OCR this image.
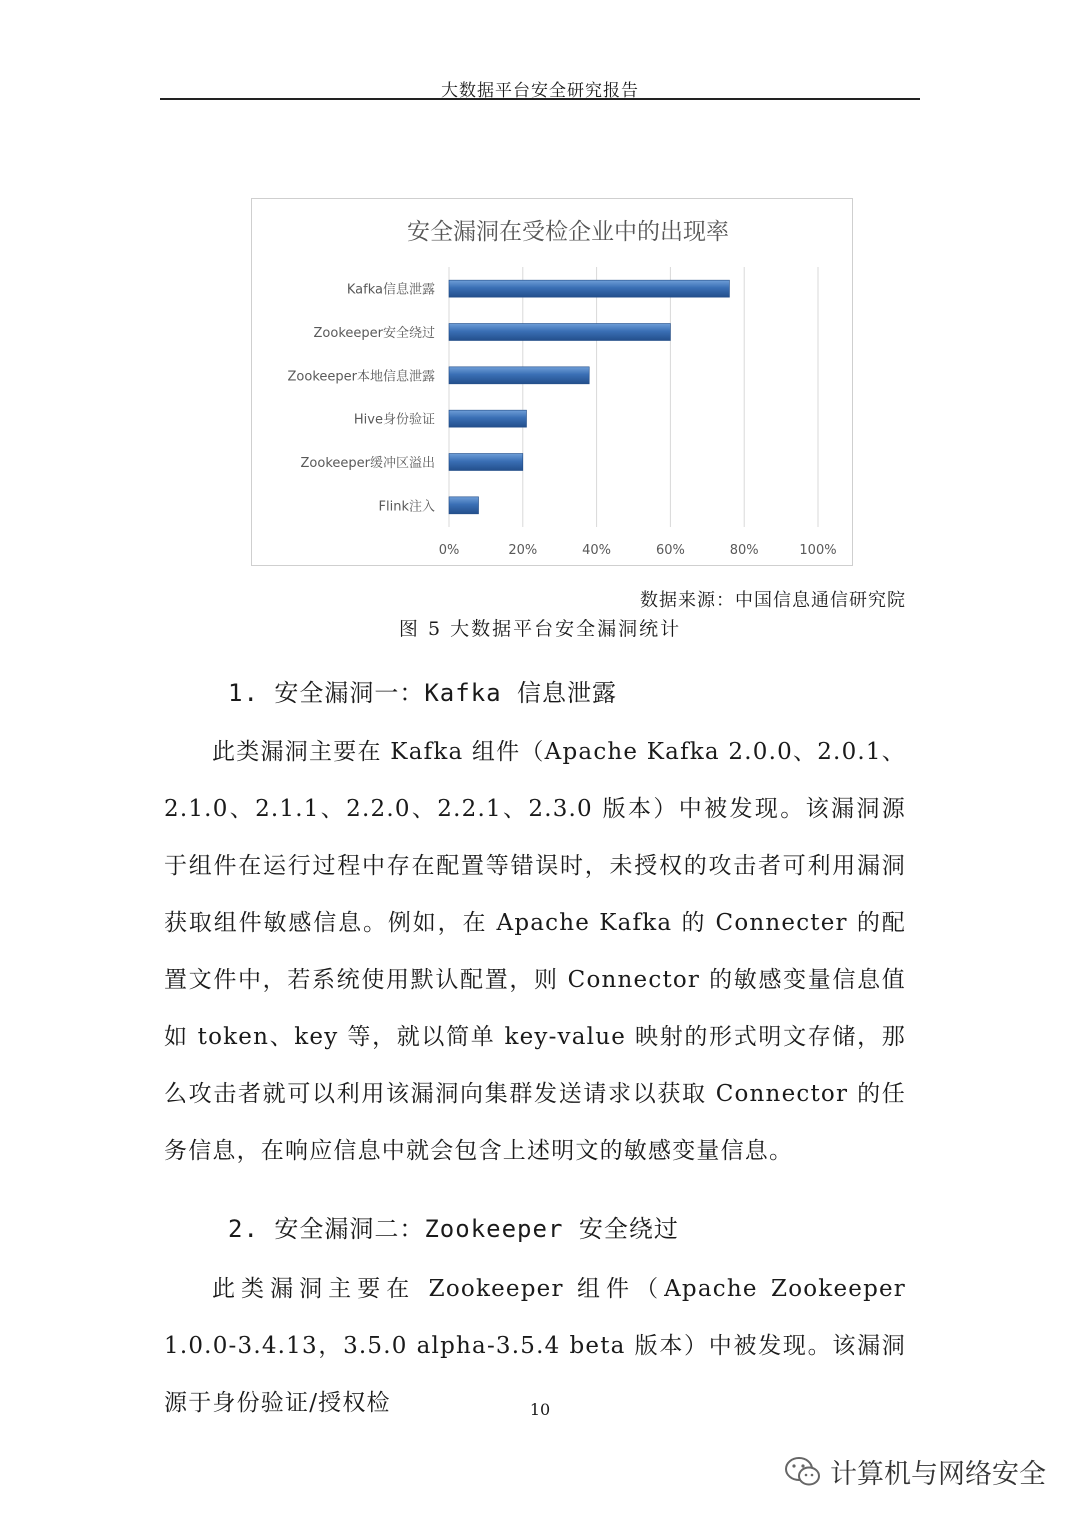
大数据平台安全研究报告
安全漏洞在受检企业中的出现率
Kafka信息泄露
Zookeeper安全绕过
Zookeeper本地信息泄露
Hive身份验证
Zookeeper缓冲区溢出
Flink注入
0%	20%	40%	60%	80%	100%
数据来源：中国信息通信研究院
图 5 大数据平台安全漏洞统计
1. 安全漏洞一：Kafka 信息泄露

此类漏洞主要在 Kafka 组件（Apache Kafka 2.0.0、2.0.1、2.1.0、2.1.1、2.2.0、2.2.1、2.3.0 版本）中被发现。该漏洞源于组件在运行过程中存在配置等错误时，未授权的攻击者可利用漏洞获取组件敏感信息。例如，在 Apache Kafka 的 Connecter 的配置文件中，若系统使用默认配置，则 Connector 的敏感变量信息值如 token、key 等，就以简单 key-value 映射的形式明文存储，那么攻击者就可以利用该漏洞向集群发送请求以获取 Connector 的任务信息，在响应信息中就会包含上述明文的敏感变量信息。

2. 安全漏洞二：Zookeeper 安全绕过

此类漏洞主要在 Zookeeper 组件（Apache Zookeeper 1.0.0-3.4.13，3.5.0 alpha-3.5.4 beta 版本）中被发现。该漏洞源于身份验证/授权检	10
计算机与网络安全
